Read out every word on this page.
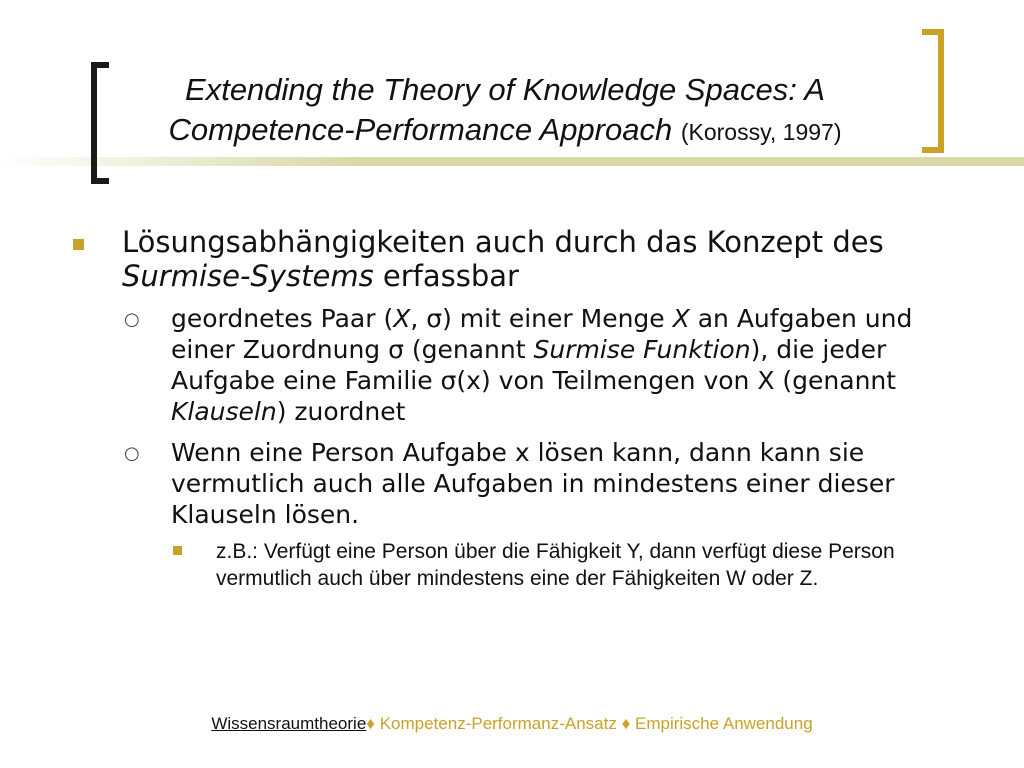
Extending the Theory of Knowledge Spaces: A
Competence-Performance Approach (Korossy, 1997)
Lösungsabhängigkeiten auch durch das Konzept des Surmise-Systems erfassbar
○ geordnetes Paar (X, σ) mit einer Menge X an Aufgaben und einer Zuordnung σ (genannt Surmise Funktion), die jeder Aufgabe eine Familie σ(x) von Teilmengen von X (genannt Klauseln) zuordnet
○ Wenn eine Person Aufgabe x lösen kann, dann kann sie vermutlich auch alle Aufgaben in mindestens einer dieser Klauseln lösen.
z.B.: Verfügt eine Person über die Fähigkeit Y, dann verfügt diese Person vermutlich auch über mindestens eine der Fähigkeiten W oder Z.
Wissensraumtheorie♦ Kompetenz-Performanz-Ansatz ♦ Empirische Anwendung
